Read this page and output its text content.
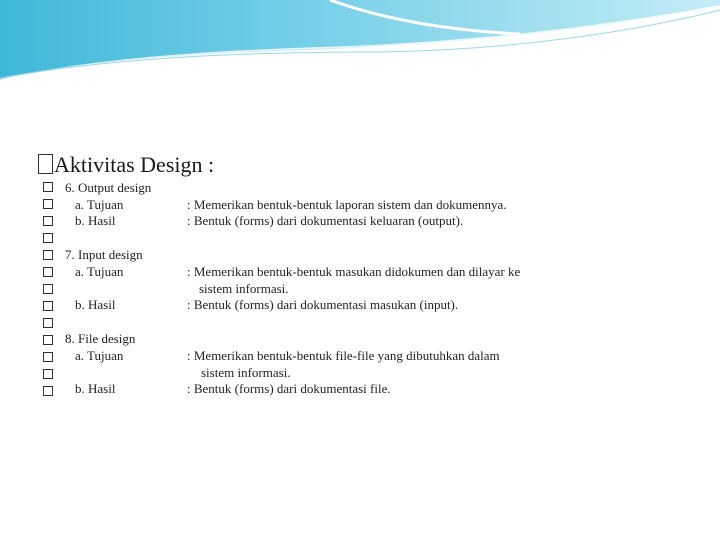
Aktivitas Design :
6. Output design
a. Tujuan	: Memerikan bentuk-bentuk laporan sistem dan dokumennya.
b. Hasil	: Bentuk (forms) dari dokumentasi keluaran (output).
7. Input design
a. Tujuan	: Memerikan bentuk-bentuk masukan didokumen dan dilayar ke
sistem informasi.
b. Hasil	: Bentuk (forms) dari dokumentasi masukan (input).
8. File design
a. Tujuan	: Memerikan bentuk-bentuk file-file yang dibutuhkan dalam
sistem informasi.
b. Hasil	: Bentuk (forms) dari dokumentasi file.
